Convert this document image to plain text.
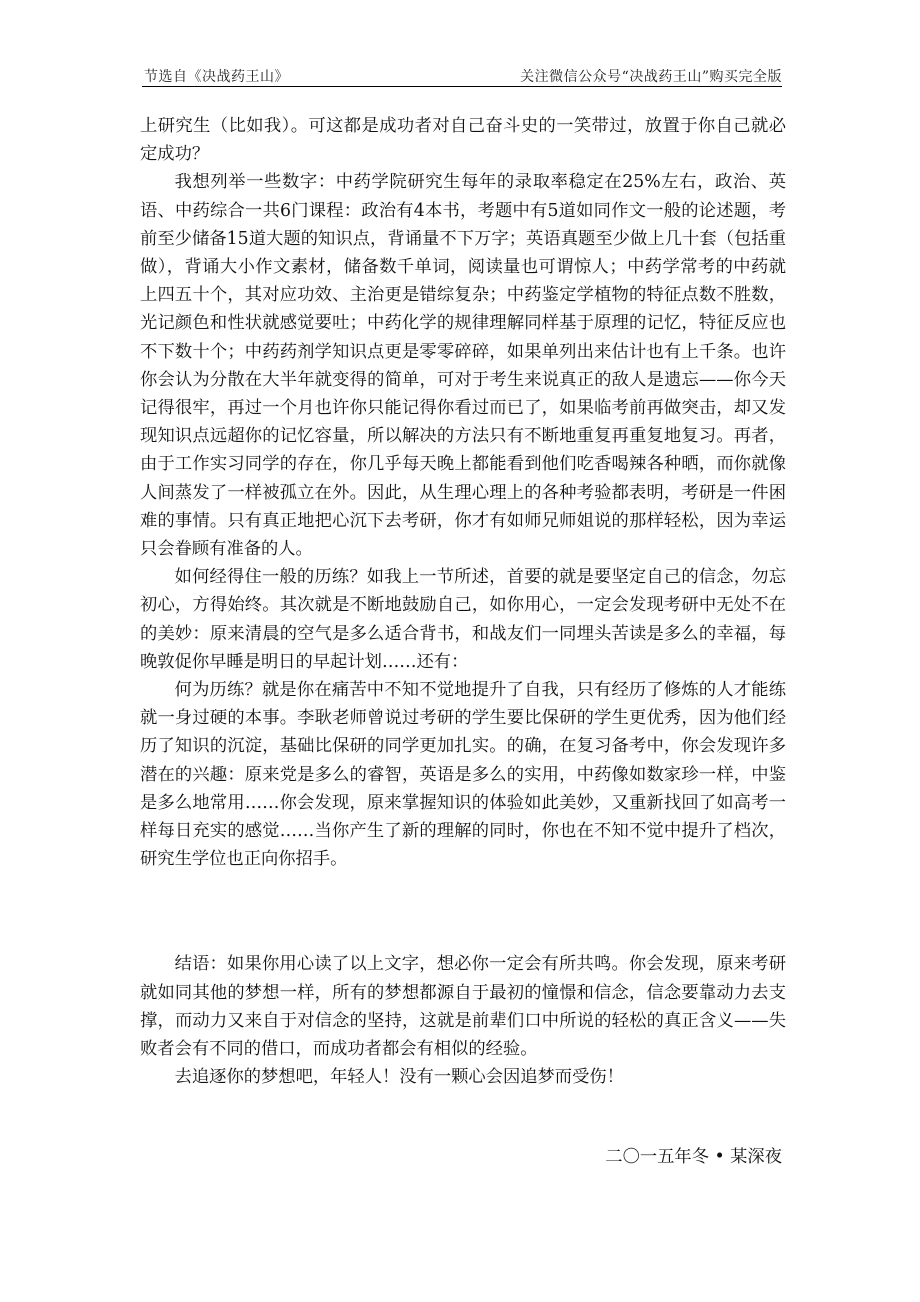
节选自《决战药王山》	关注微信公众号“决战药王山”购买完全版

上研究生（比如我）。可这都是成功者对自己奋斗史的一笑带过，放置于你自己就必定成功？

我想列举一些数字：中药学院研究生每年的录取率稳定在25%左右，政治、英语、中药综合一共6门课程：政治有4本书，考题中有5道如同作文一般的论述题，考前至少储备15道大题的知识点，背诵量不下万字；英语真题至少做上几十套（包括重做），背诵大小作文素材，储备数千单词，阅读量也可谓惊人；中药学常考的中药就上四五十个，其对应功效、主治更是错综复杂；中药鉴定学植物的特征点数不胜数，光记颜色和性状就感觉要吐；中药化学的规律理解同样基于原理的记忆，特征反应也不下数十个；中药药剂学知识点更是零零碎碎，如果单列出来估计也有上千条。也许你会认为分散在大半年就变得的简单，可对于考生来说真正的敌人是遗忘——你今天记得很牢，再过一个月也许你只能记得你看过而已了，如果临考前再做突击，却又发现知识点远超你的记忆容量，所以解决的方法只有不断地重复再重复地复习。再者，由于工作实习同学的存在，你几乎每天晚上都能看到他们吃香喝辣各种晒，而你就像人间蒸发了一样被孤立在外。因此，从生理心理上的各种考验都表明，考研是一件困难的事情。只有真正地把心沉下去考研，你才有如师兄师姐说的那样轻松，因为幸运只会眷顾有准备的人。

如何经得住一般的历练？如我上一节所述，首要的就是要坚定自己的信念，勿忘初心，方得始终。其次就是不断地鼓励自己，如你用心，一定会发现考研中无处不在的美妙：原来清晨的空气是多么适合背书，和战友们一同埋头苦读是多么的幸福，每晚敦促你早睡是明日的早起计划……还有：

何为历练？就是你在痛苦中不知不觉地提升了自我，只有经历了修炼的人才能练就一身过硬的本事。李耿老师曾说过考研的学生要比保研的学生更优秀，因为他们经历了知识的沉淀，基础比保研的同学更加扎实。的确，在复习备考中，你会发现许多潜在的兴趣：原来党是多么的睿智，英语是多么的实用，中药像如数家珍一样，中鉴是多么地常用……你会发现，原来掌握知识的体验如此美妙，又重新找回了如高考一样每日充实的感觉……当你产生了新的理解的同时，你也在不知不觉中提升了档次，研究生学位也正向你招手。

结语：如果你用心读了以上文字，想必你一定会有所共鸣。你会发现，原来考研就如同其他的梦想一样，所有的梦想都源自于最初的憧憬和信念，信念要靠动力去支撑，而动力又来自于对信念的坚持，这就是前辈们口中所说的轻松的真正含义——失败者会有不同的借口，而成功者都会有相似的经验。

去追逐你的梦想吧，年轻人！没有一颗心会因追梦而受伤！

二〇一五年冬 • 某深夜
